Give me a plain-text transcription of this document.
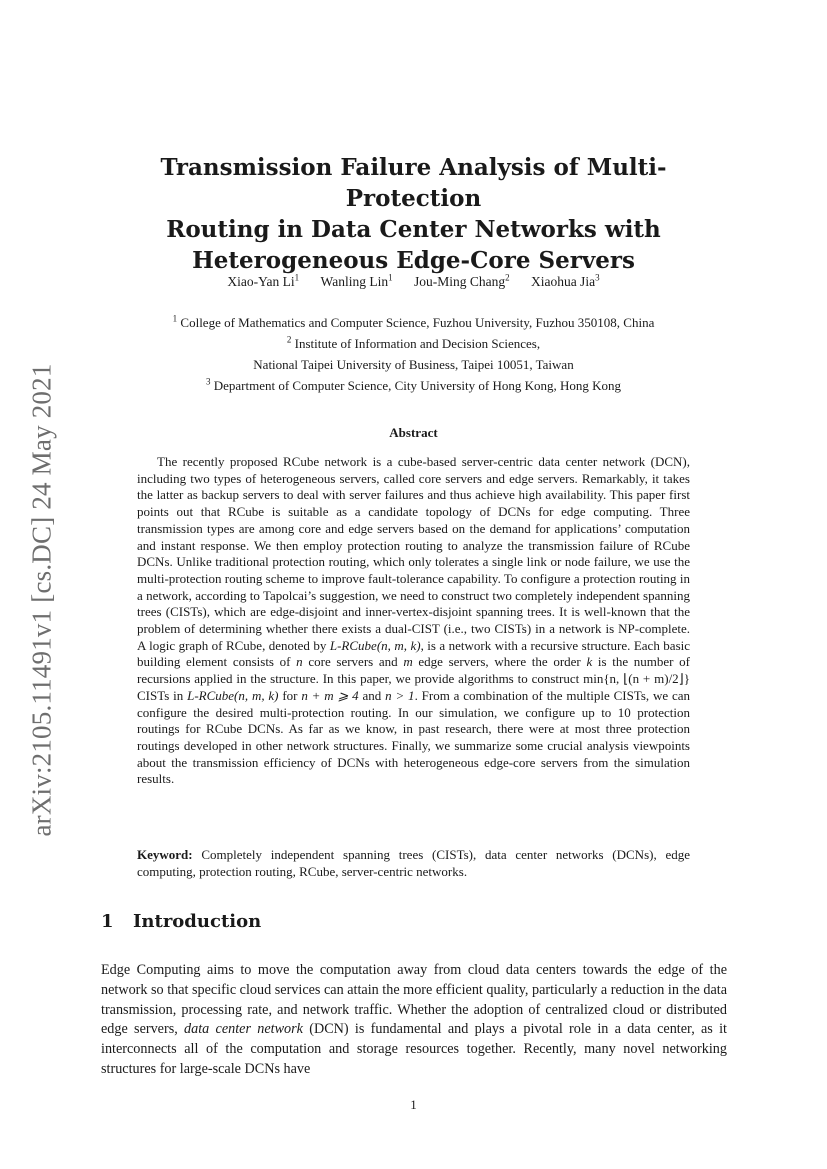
arXiv:2105.11491v1 [cs.DC] 24 May 2021
Transmission Failure Analysis of Multi-Protection
Routing in Data Center Networks with
Heterogeneous Edge-Core Servers
Xiao-Yan Li$^1$ Wanling Lin$^1$ Jou-Ming Chang$^2$ Xiaohua Jia$^3$
$^1$ College of Mathematics and Computer Science, Fuzhou University, Fuzhou 350108, China
$^2$ Institute of Information and Decision Sciences,
National Taipei University of Business, Taipei 10051, Taiwan
$^3$ Department of Computer Science, City University of Hong Kong, Hong Kong
Abstract

The recently proposed RCube network is a cube-based server-centric data center network (DCN), including two types of heterogeneous servers, called core servers and edge servers. Remarkably, it takes the latter as backup servers to deal with server failures and thus achieve high availability. This paper first points out that RCube is suitable as a candidate topology of DCNs for edge computing. Three transmission types are among core and edge servers based on the demand for applications’ computation and instant response. We then employ protection routing to analyze the transmission failure of RCube DCNs. Unlike traditional protection routing, which only tolerates a single link or node failure, we use the multi-protection routing scheme to improve fault-tolerance capability. To configure a protection routing in a network, according to Tapolcai’s suggestion, we need to construct two completely independent spanning trees (CISTs), which are edge-disjoint and inner-vertex-disjoint spanning trees. It is well-known that the problem of determining whether there exists a dual-CIST (i.e., two CISTs) in a network is NP-complete. A logic graph of RCube, denoted by L-RCube(n, m, k), is a network with a recursive structure. Each basic building element consists of n core servers and m edge servers, where the order k is the number of recursions applied in the structure. In this paper, we provide algorithms to construct min{n, ⌊(n + m)/2⌋} CISTs in L-RCube(n, m, k) for n + m ⩾ 4 and n > 1. From a combination of the multiple CISTs, we can configure the desired multi-protection routing. In our simulation, we configure up to 10 protection routings for RCube DCNs. As far as we know, in past research, there were at most three protection routings developed in other network structures. Finally, we summarize some crucial analysis viewpoints about the transmission efficiency of DCNs with heterogeneous edge-core servers from the simulation results.

Keyword: Completely independent spanning trees (CISTs), data center networks (DCNs), edge computing, protection routing, RCube, server-centric networks.

1 Introduction

Edge Computing aims to move the computation away from cloud data centers towards the edge of the network so that specific cloud services can attain the more efficient quality, particularly a reduction in the data transmission, processing rate, and network traffic. Whether the adoption of centralized cloud or distributed edge servers, data center network (DCN) is fundamental and plays a pivotal role in a data center, as it interconnects all of the computation and storage resources together. Recently, many novel networking structures for large-scale DCNs have

1
